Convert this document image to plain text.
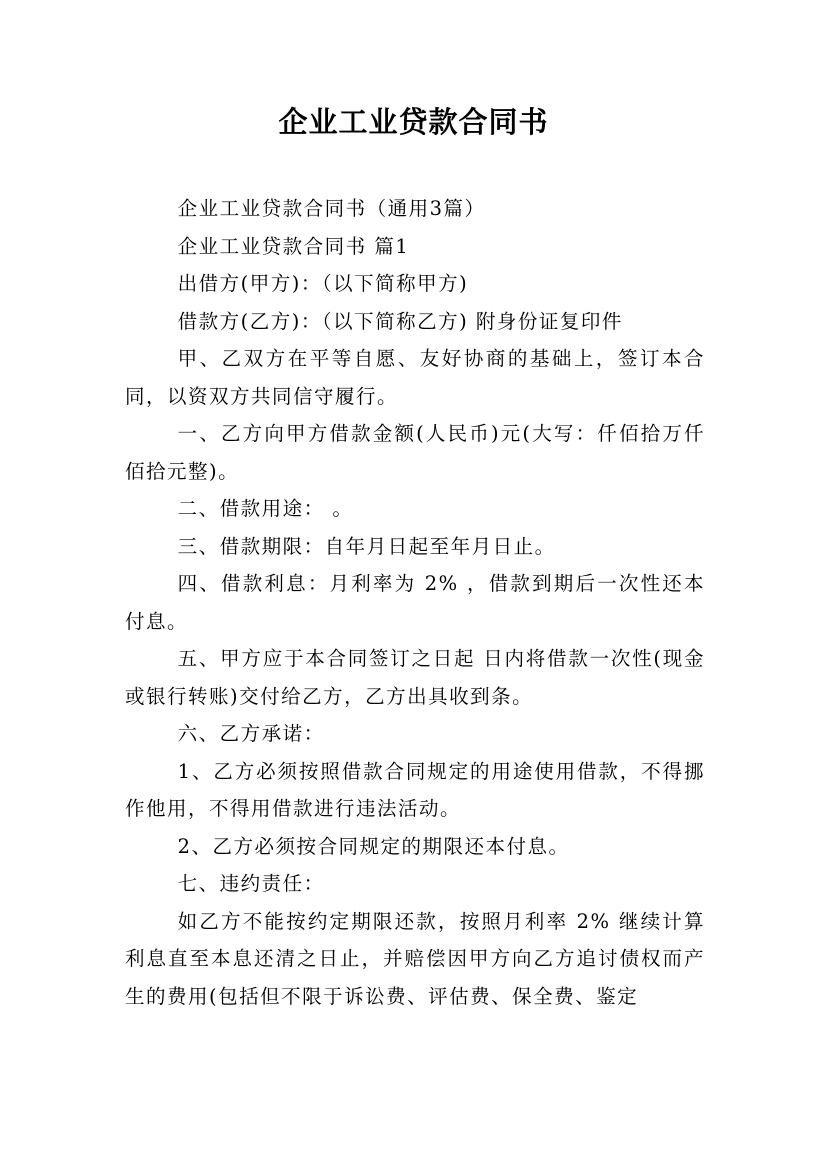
企业工业贷款合同书

企业工业贷款合同书（通用3篇）

企业工业贷款合同书 篇1

出借方(甲方)：（以下简称甲方)

借款方(乙方)：（以下简称乙方) 附身份证复印件

甲、乙双方在平等自愿、友好协商的基础上，签订本合同，以资双方共同信守履行。

一、乙方向甲方借款金额(人民币)元(大写：仟佰拾万仟佰拾元整)。

二、借款用途： 。

三、借款期限：自年月日起至年月日止。

四、借款利息：月利率为 2% ，借款到期后一次性还本付息。

五、甲方应于本合同签订之日起 日内将借款一次性(现金或银行转账)交付给乙方，乙方出具收到条。

六、乙方承诺：

1、乙方必须按照借款合同规定的用途使用借款，不得挪作他用，不得用借款进行违法活动。

2、乙方必须按合同规定的期限还本付息。

七、违约责任：

如乙方不能按约定期限还款，按照月利率 2% 继续计算利息直至本息还清之日止，并赔偿因甲方向乙方追讨债权而产生的费用(包括但不限于诉讼费、评估费、保全费、鉴定
